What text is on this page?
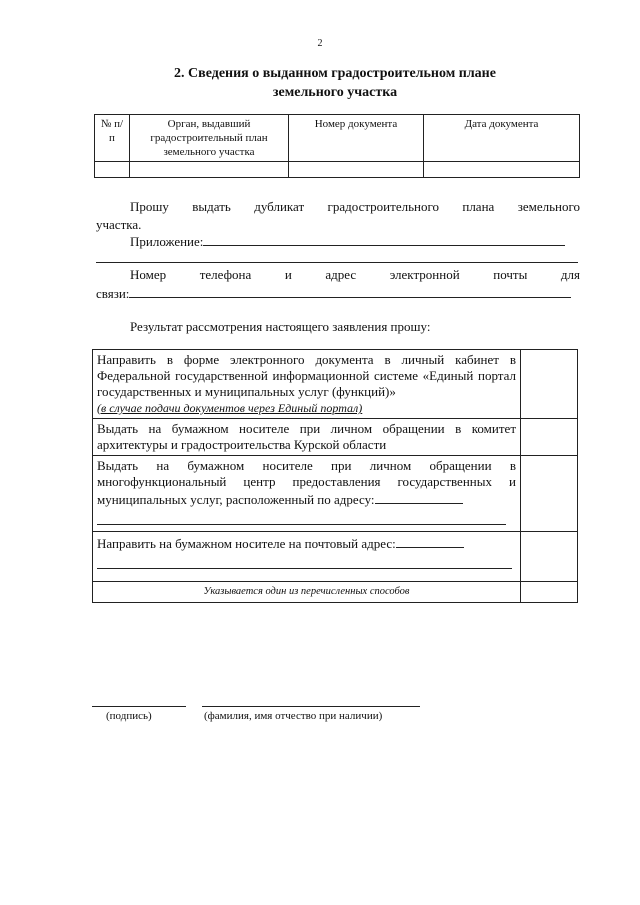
2
2. Сведения о выданном градостроительном плане
земельного участка
№ п/п	Орган, выдавший градостроительный план земельного участка	Номер документа	Дата документа

Прошу выдать дубликат градостроительного плана земельного
участка.
Приложение:
Номер телефона и адрес электронной почты для
связи:
Результат рассмотрения настоящего заявления прошу:
Направить в форме электронного документа в личный кабинет в Федеральной государственной информационной системе «Единый портал государственных и муниципальных услуг (функций)»
(в случае подачи документов через Единый портал)	

Выдать на бумажном носителе при личном обращении в комитет архитектуры и градостроительства Курской области	

Выдать на бумажном носителе при личном обращении в многофункциональный центр предоставления государственных и муниципальных услуг, расположенный по адресу:	

Направить на бумажном носителе на почтовый адрес:	

Указывается один из перечисленных способов	
(подпись)	(фамилия, имя отчество при наличии)
